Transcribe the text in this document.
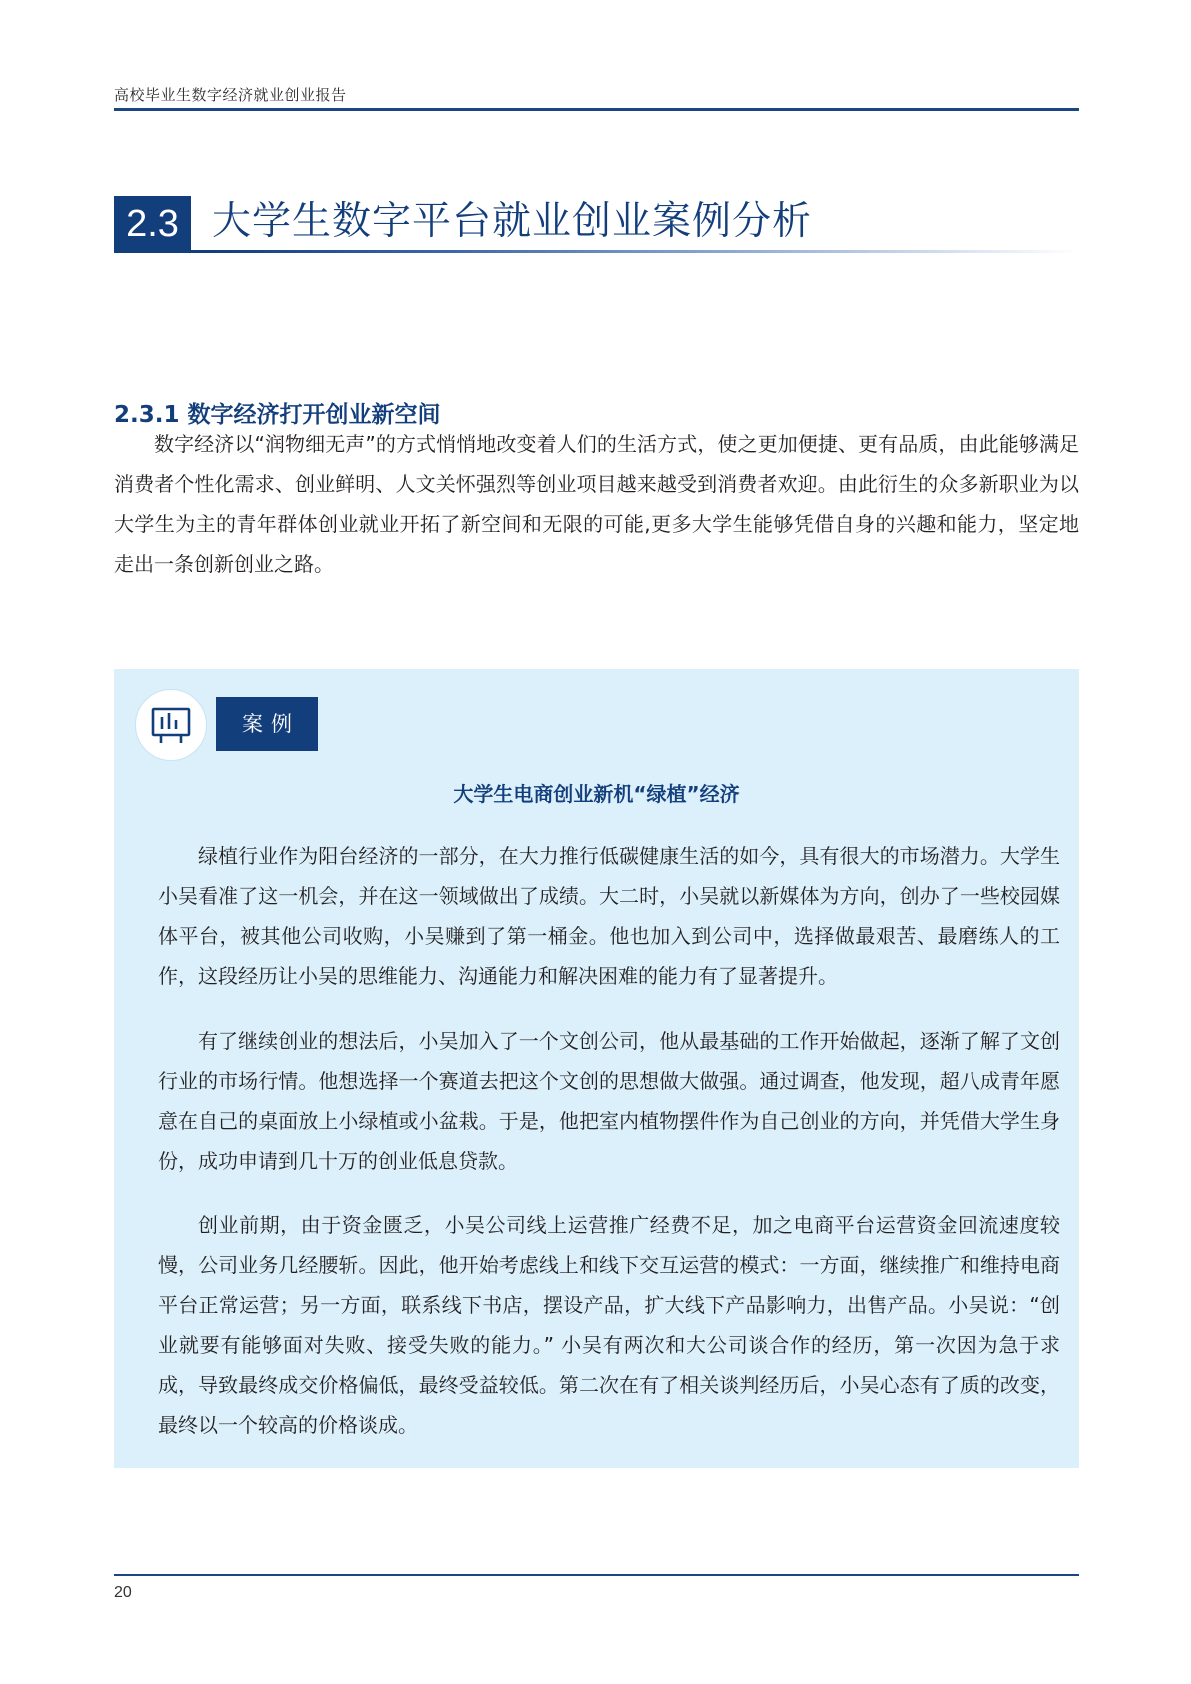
高校毕业生数字经济就业创业报告
2.3 大学生数字平台就业创业案例分析
2.3.1 数字经济打开创业新空间

数字经济以“润物细无声”的方式悄悄地改变着人们的生活方式，使之更加便捷、更有品质，由此能够满足消费者个性化需求、创业鲜明、人文关怀强烈等创业项目越来越受到消费者欢迎。由此衍生的众多新职业为以大学生为主的青年群体创业就业开拓了新空间和无限的可能,更多大学生能够凭借自身的兴趣和能力，坚定地走出一条创新创业之路。

案例
大学生电商创业新机“绿植”经济

绿植行业作为阳台经济的一部分，在大力推行低碳健康生活的如今，具有很大的市场潜力。大学生小吴看准了这一机会，并在这一领域做出了成绩。大二时，小吴就以新媒体为方向，创办了一些校园媒体平台，被其他公司收购，小吴赚到了第一桶金。他也加入到公司中，选择做最艰苦、最磨练人的工作，这段经历让小吴的思维能力、沟通能力和解决困难的能力有了显著提升。

有了继续创业的想法后，小吴加入了一个文创公司，他从最基础的工作开始做起，逐渐了解了文创行业的市场行情。他想选择一个赛道去把这个文创的思想做大做强。通过调查，他发现，超八成青年愿意在自己的桌面放上小绿植或小盆栽。于是，他把室内植物摆件作为自己创业的方向，并凭借大学生身份，成功申请到几十万的创业低息贷款。

创业前期，由于资金匮乏，小吴公司线上运营推广经费不足，加之电商平台运营资金回流速度较慢，公司业务几经腰斩。因此，他开始考虑线上和线下交互运营的模式：一方面，继续推广和维持电商平台正常运营；另一方面，联系线下书店，摆设产品，扩大线下产品影响力，出售产品。小吴说：“创业就要有能够面对失败、接受失败的能力。” 小吴有两次和大公司谈合作的经历，第一次因为急于求成，导致最终成交价格偏低，最终受益较低。第二次在有了相关谈判经历后，小吴心态有了质的改变，最终以一个较高的价格谈成。

20
